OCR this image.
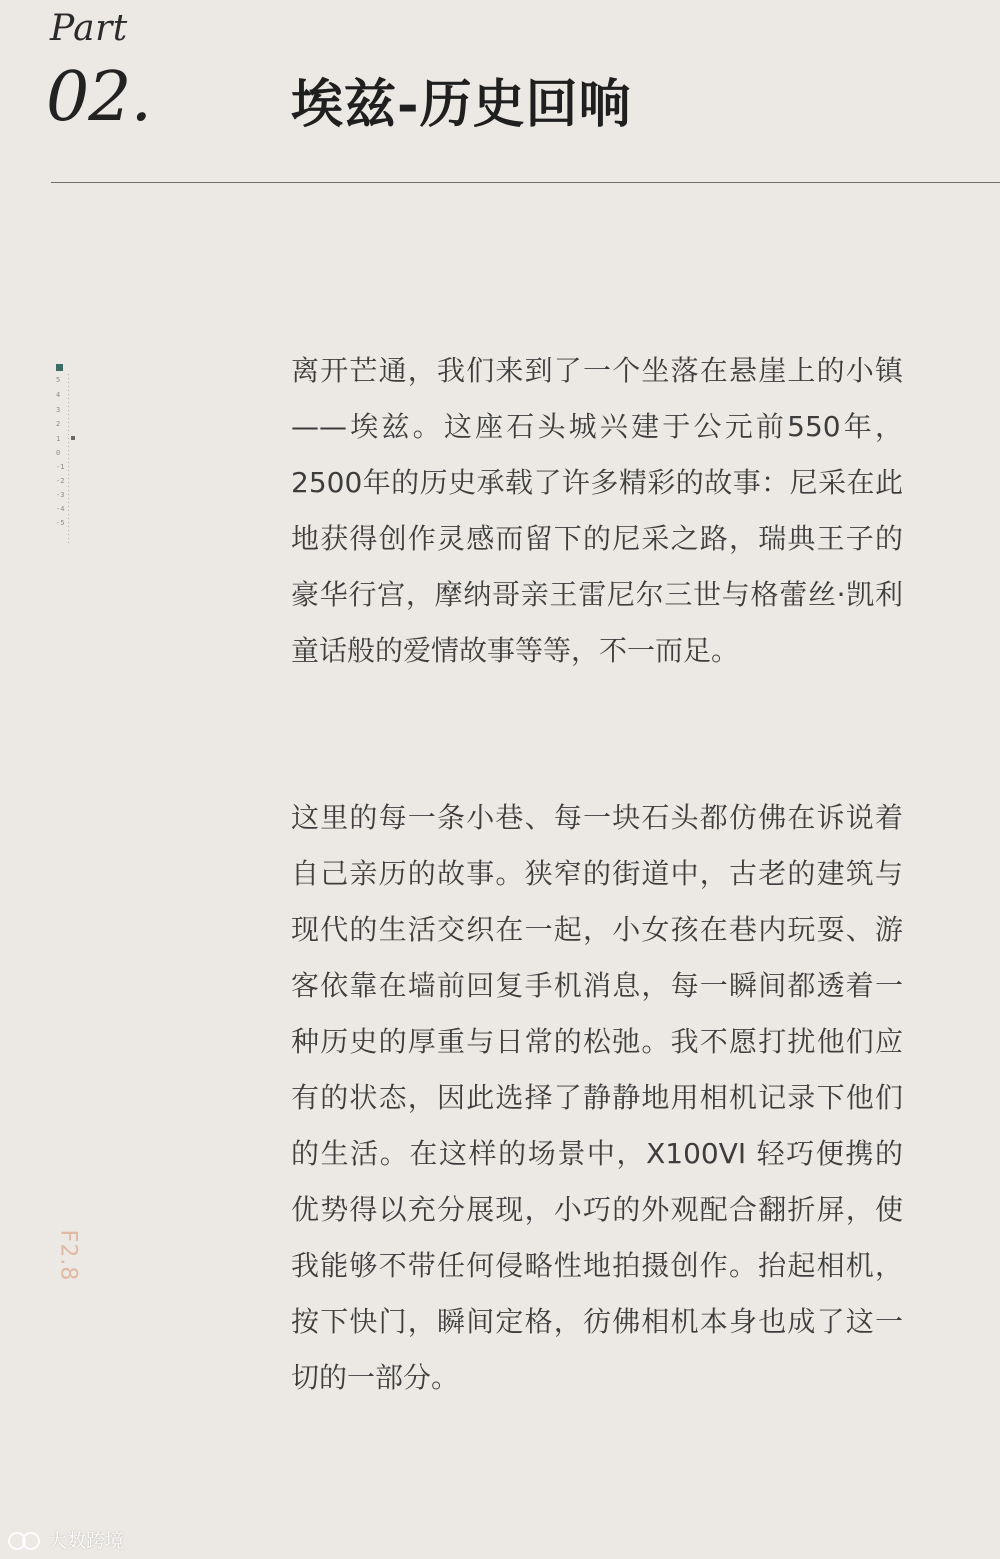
Part
02.	埃兹-历史回响
5
4
3
2
1
0
-1
-2
-3
-4
-5
F2.8
离开芒通，我们来到了一个坐落在悬崖上的小镇——埃兹。这座石头城兴建于公元前550年，2500年的历史承载了许多精彩的故事：尼采在此地获得创作灵感而留下的尼采之路，瑞典王子的豪华行宫，摩纳哥亲王雷尼尔三世与格蕾丝·凯利童话般的爱情故事等等，不一而足。
这里的每一条小巷、每一块石头都仿佛在诉说着自己亲历的故事。狭窄的街道中，古老的建筑与现代的生活交织在一起，小女孩在巷内玩耍、游客依靠在墙前回复手机消息，每一瞬间都透着一种历史的厚重与日常的松弛。我不愿打扰他们应有的状态，因此选择了静静地用相机记录下他们的生活。在这样的场景中，X100VI 轻巧便携的优势得以充分展现，小巧的外观配合翻折屏，使我能够不带任何侵略性地拍摄创作。抬起相机，按下快门，瞬间定格，彷佛相机本身也成了这一切的一部分。
大数跨境
